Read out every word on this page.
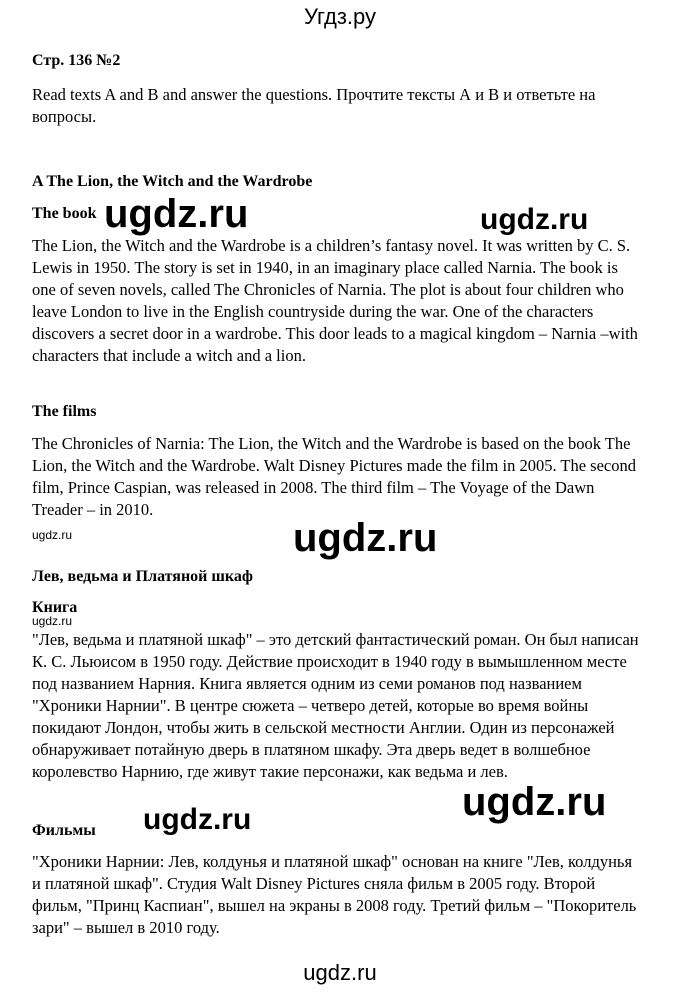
Угдз.ру
Стр. 136 №2
Read texts A and B and answer the questions. Прочтите тексты А и В и ответьте на вопросы.
A The Lion, the Witch and the Wardrobe
The book
The Lion, the Witch and the Wardrobe is a children’s fantasy novel. It was written by C. S. Lewis in 1950. The story is set in 1940, in an imaginary place called Narnia. The book is one of seven novels, called The Chronicles of Narnia. The plot is about four children who leave London to live in the English countryside during the war. One of the characters discovers a secret door in a wardrobe. This door leads to a magical kingdom – Narnia –with characters that include a witch and a lion.
The films
The Chronicles of Narnia: The Lion, the Witch and the Wardrobe is based on the book The Lion, the Witch and the Wardrobe. Walt Disney Pictures made the film in 2005. The second film, Prince Caspian, was released in 2008. The third film – The Voyage of the Dawn Treader – in 2010.
Лев, ведьма и Платяной шкаф
Книга
"Лев, ведьма и платяной шкаф" – это детский фантастический роман. Он был написан К. С. Льюисом в 1950 году. Действие происходит в 1940 году в вымышленном месте под названием Нарния. Книга является одним из семи романов под названием "Хроники Нарнии". В центре сюжета – четверо детей, которые во время войны покидают Лондон, чтобы жить в сельской местности Англии. Один из персонажей обнаруживает потайную дверь в платяном шкафу. Эта дверь ведет в волшебное королевство Нарнию, где живут такие персонажи, как ведьма и лев.
Фильмы
"Хроники Нарнии: Лев, колдунья и платяной шкаф" основан на книге "Лев, колдунья и платяной шкаф". Студия Walt Disney Pictures сняла фильм в 2005 году. Второй фильм, "Принц Каспиан", вышел на экраны в 2008 году. Третий фильм – "Покоритель зари" – вышел в 2010 году.
ugdz.ru	ugdz.ru
ugdz.ru	ugdz.ru
ugdz.ru
ugdz.ru
ugdz.ru
ugdz.ru
